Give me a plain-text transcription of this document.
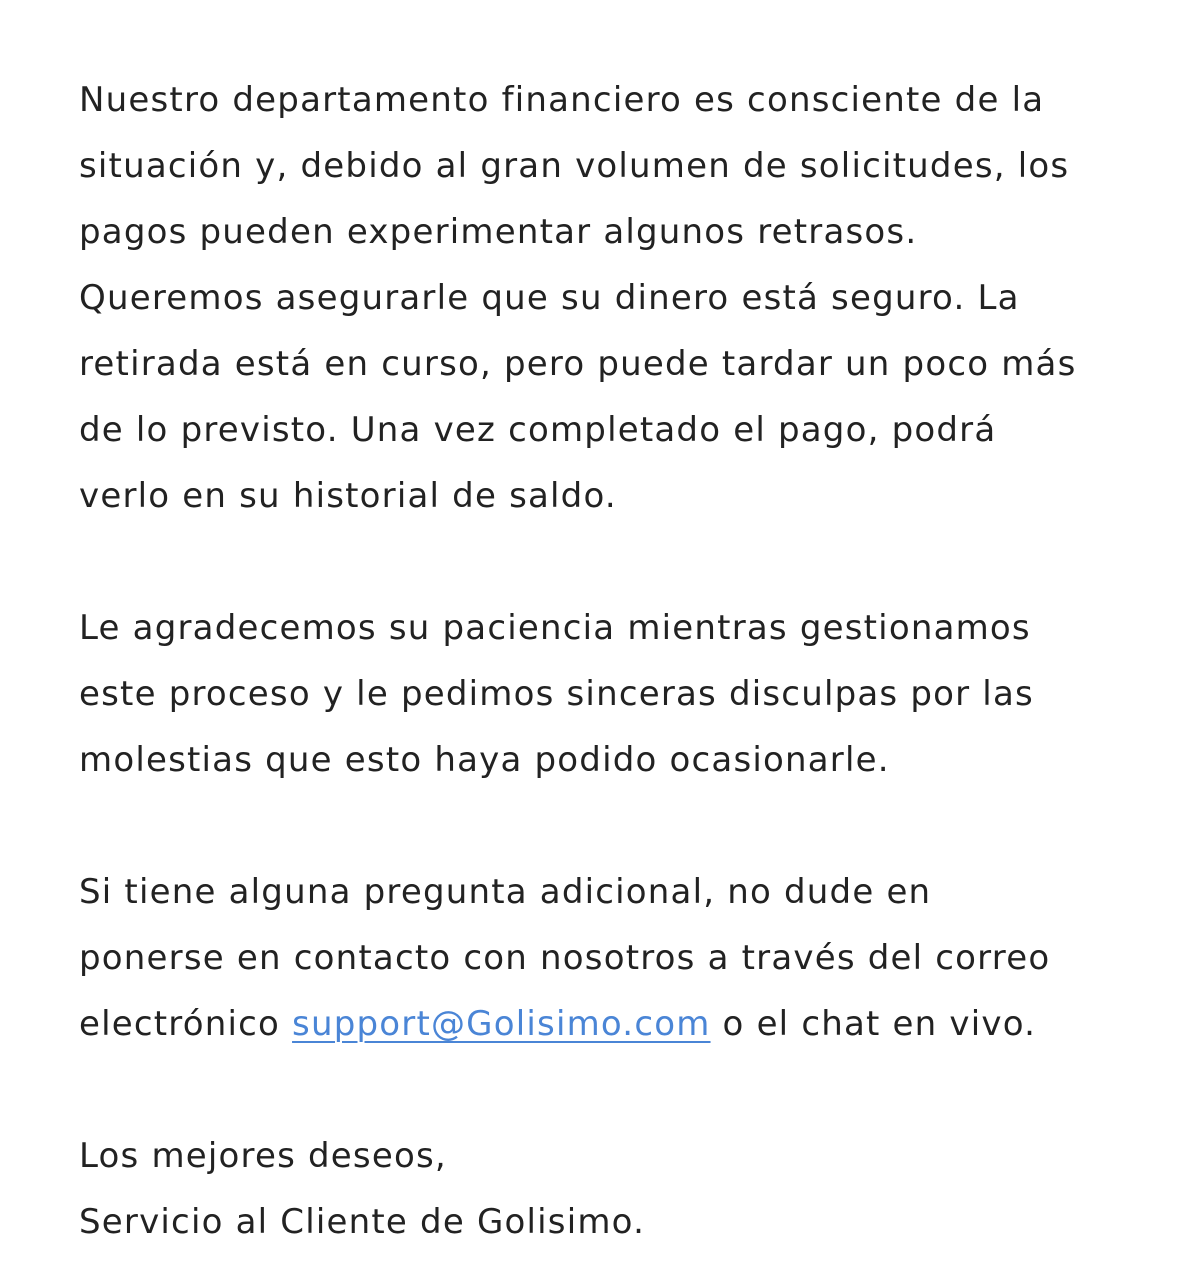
Nuestro departamento financiero es consciente de la
situación y, debido al gran volumen de solicitudes, los
pagos pueden experimentar algunos retrasos.
Queremos asegurarle que su dinero está seguro. La
retirada está en curso, pero puede tardar un poco más
de lo previsto. Una vez completado el pago, podrá
verlo en su historial de saldo.

Le agradecemos su paciencia mientras gestionamos
este proceso y le pedimos sinceras disculpas por las
molestias que esto haya podido ocasionarle.

Si tiene alguna pregunta adicional, no dude en
ponerse en contacto con nosotros a través del correo
electrónico support@Golisimo.com o el chat en vivo.

Los mejores deseos,
Servicio al Cliente de Golisimo.
